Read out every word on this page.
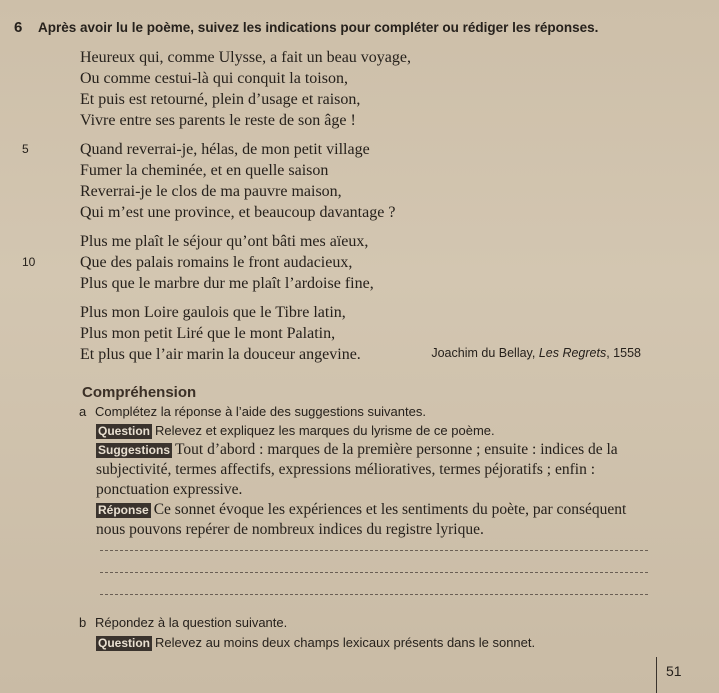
6 Après avoir lu le poème, suivez les indications pour compléter ou rédiger les réponses.
Heureux qui, comme Ulysse, a fait un beau voyage,
Ou comme cestui-là qui conquit la toison,
Et puis est retourné, plein d’usage et raison,
Vivre entre ses parents le reste de son âge !
5	Quand reverrai-je, hélas, de mon petit village
Fumer la cheminée, et en quelle saison
Reverrai-je le clos de ma pauvre maison,
Qui m’est une province, et beaucoup davantage ?
Plus me plaît le séjour qu’ont bâti mes aïeux,
10	Que des palais romains le front audacieux,
Plus que le marbre dur me plaît l’ardoise fine,
Plus mon Loire gaulois que le Tibre latin,
Plus mon petit Liré que le mont Palatin,
Et plus que l’air marin la douceur angevine.	Joachim du Bellay, Les Regrets, 1558
Compréhension
a Complétez la réponse à l’aide des suggestions suivantes.
Question Relevez et expliquez les marques du lyrisme de ce poème.
Suggestions Tout d’abord : marques de la première personne ; ensuite : indices de la subjectivité, termes affectifs, expressions mélioratives, termes péjoratifs ; enfin : ponctuation expressive.
Réponse Ce sonnet évoque les expériences et les sentiments du poète, par conséquent nous pouvons repérer de nombreux indices du registre lyrique.
b Répondez à la question suivante.
Question Relevez au moins deux champs lexicaux présents dans le sonnet.
51
